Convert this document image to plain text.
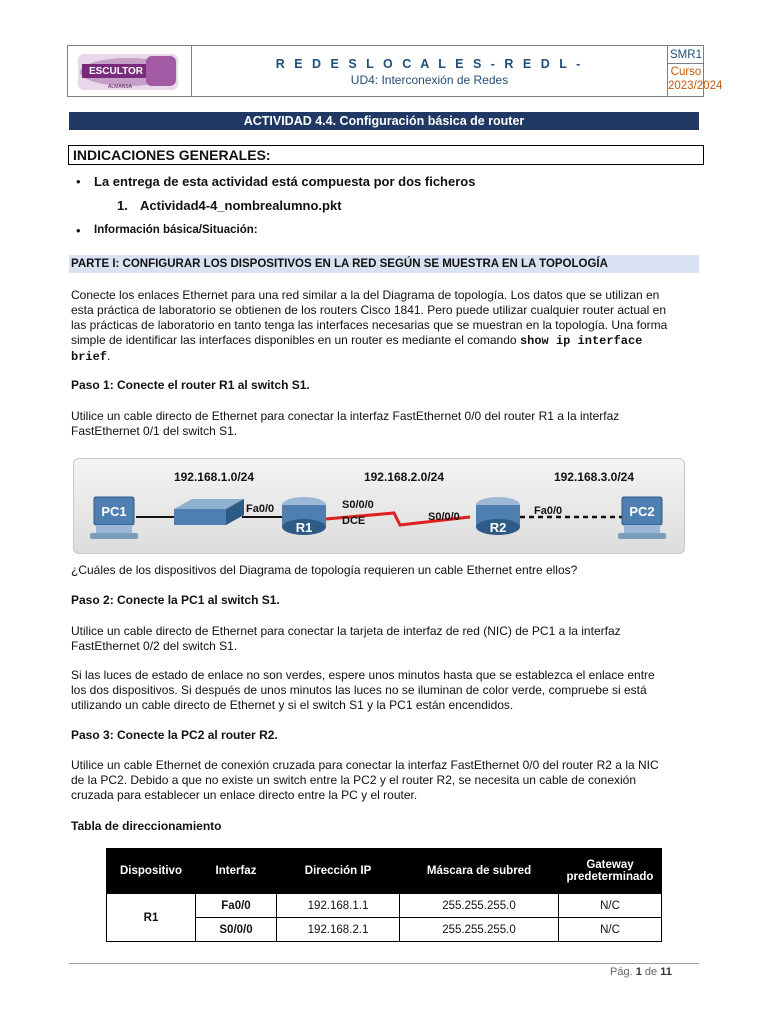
ESCULTOR
ALMANSA
R E D E S L O C A L E S - R E D L -
UD4: Interconexión de Redes
SMR1
Curso
2023/2024
ACTIVIDAD 4.4. Configuración básica de router
INDICACIONES GENERALES:
• La entrega de esta actividad está compuesta por dos ficheros
1. Actividad4-4_nombrealumno.pkt
• Información básica/Situación:
PARTE I: CONFIGURAR LOS DISPOSITIVOS EN LA RED SEGÚN SE MUESTRA EN LA TOPOLOGÍA
Conecte los enlaces Ethernet para una red similar a la del Diagrama de topología. Los datos que se utilizan en
esta práctica de laboratorio se obtienen de los routers Cisco 1841. Pero puede utilizar cualquier router actual en
las prácticas de laboratorio en tanto tenga las interfaces necesarias que se muestran en la topología. Una forma
simple de identificar las interfaces disponibles en un router es mediante el comando show ip interface
brief.
Paso 1: Conecte el router R1 al switch S1.
Utilice un cable directo de Ethernet para conectar la interfaz FastEthernet 0/0 del router R1 a la interfaz
FastEthernet 0/1 del switch S1.
192.168.1.0/24	192.168.2.0/24	192.168.3.0/24
PC1
R1	R2
PC2
Fa0/0	S0/0/0
DCE	S0/0/0	Fa0/0
¿Cuáles de los dispositivos del Diagrama de topología requieren un cable Ethernet entre ellos?
Paso 2: Conecte la PC1 al switch S1.
Utilice un cable directo de Ethernet para conectar la tarjeta de interfaz de red (NIC) de PC1 a la interfaz
FastEthernet 0/2 del switch S1.
Si las luces de estado de enlace no son verdes, espere unos minutos hasta que se establezca el enlace entre
los dos dispositivos. Si después de unos minutos las luces no se iluminan de color verde, compruebe si está
utilizando un cable directo de Ethernet y si el switch S1 y la PC1 están encendidos.
Paso 3: Conecte la PC2 al router R2.
Utilice un cable Ethernet de conexión cruzada para conectar la interfaz FastEthernet 0/0 del router R2 a la NIC
de la PC2. Debido a que no existe un switch entre la PC2 y el router R2, se necesita un cable de conexión
cruzada para establecer un enlace directo entre la PC y el router.
Tabla de direccionamiento
Dispositivo	Interfaz	Dirección IP	Máscara de subred	Gateway predeterminado
R1	Fa0/0	192.168.1.1	255.255.255.0	N/C
	S0/0/0	192.168.2.1	255.255.255.0	N/C
Pág. 1 de 11
